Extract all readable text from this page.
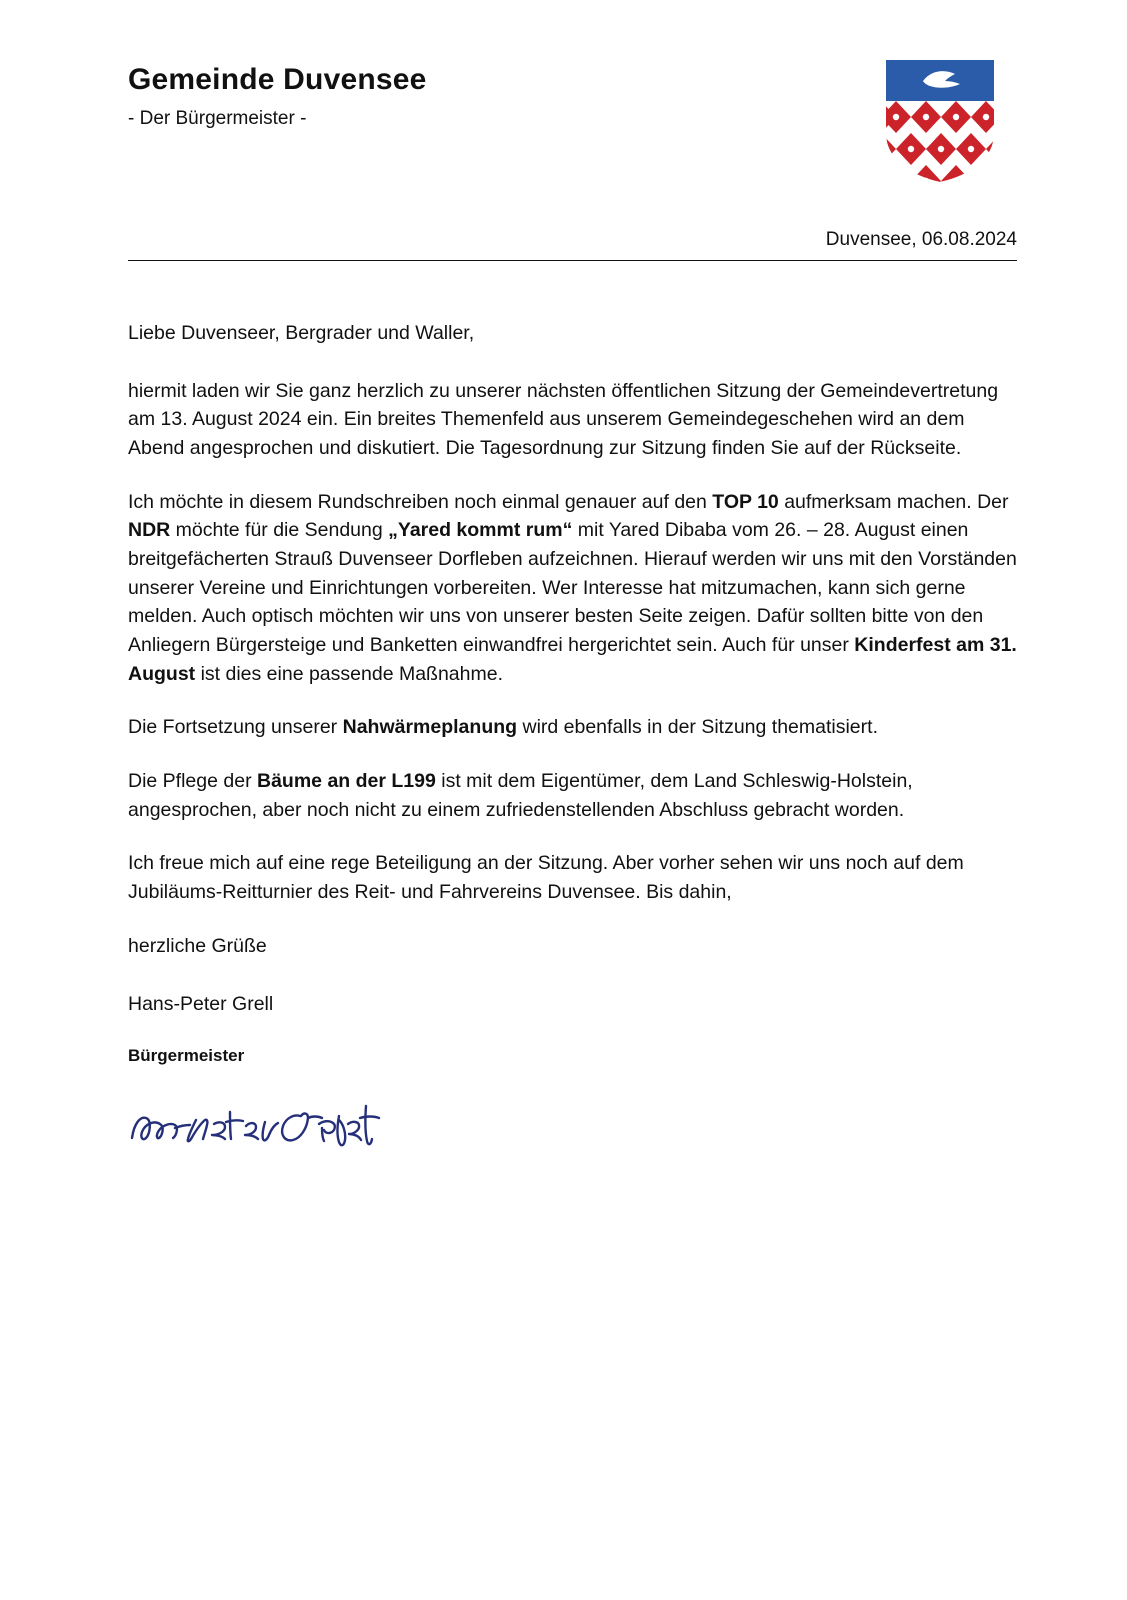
Gemeinde Duvensee

- Der Bürgermeister -

Duvensee, 06.08.2024

Liebe Duvenseer, Bergrader und Waller,

hiermit laden wir Sie ganz herzlich zu unserer nächsten öffentlichen Sitzung der Gemeindevertretung am 13. August 2024 ein. Ein breites Themenfeld aus unserem Gemeindegeschehen wird an dem Abend angesprochen und diskutiert. Die Tagesordnung zur Sitzung finden Sie auf der Rückseite.

Ich möchte in diesem Rundschreiben noch einmal genauer auf den TOP 10 aufmerksam machen. Der NDR möchte für die Sendung „Yared kommt rum“ mit Yared Dibaba vom 26. – 28. August einen breitgefächerten Strauß Duvenseer Dorfleben aufzeichnen. Hierauf werden wir uns mit den Vorständen unserer Vereine und Einrichtungen vorbereiten. Wer Interesse hat mitzumachen, kann sich gerne melden. Auch optisch möchten wir uns von unserer besten Seite zeigen. Dafür sollten bitte von den Anliegern Bürgersteige und Banketten einwandfrei hergerichtet sein. Auch für unser Kinderfest am 31. August ist dies eine passende Maßnahme.

Die Fortsetzung unserer Nahwärmeplanung wird ebenfalls in der Sitzung thematisiert.

Die Pflege der Bäume an der L199 ist mit dem Eigentümer, dem Land Schleswig-Holstein, angesprochen, aber noch nicht zu einem zufriedenstellenden Abschluss gebracht worden.

Ich freue mich auf eine rege Beteiligung an der Sitzung. Aber vorher sehen wir uns noch auf dem Jubiläums-Reitturnier des Reit- und Fahrvereins Duvensee. Bis dahin,

herzliche Grüße

Hans-Peter Grell

Bürgermeister
